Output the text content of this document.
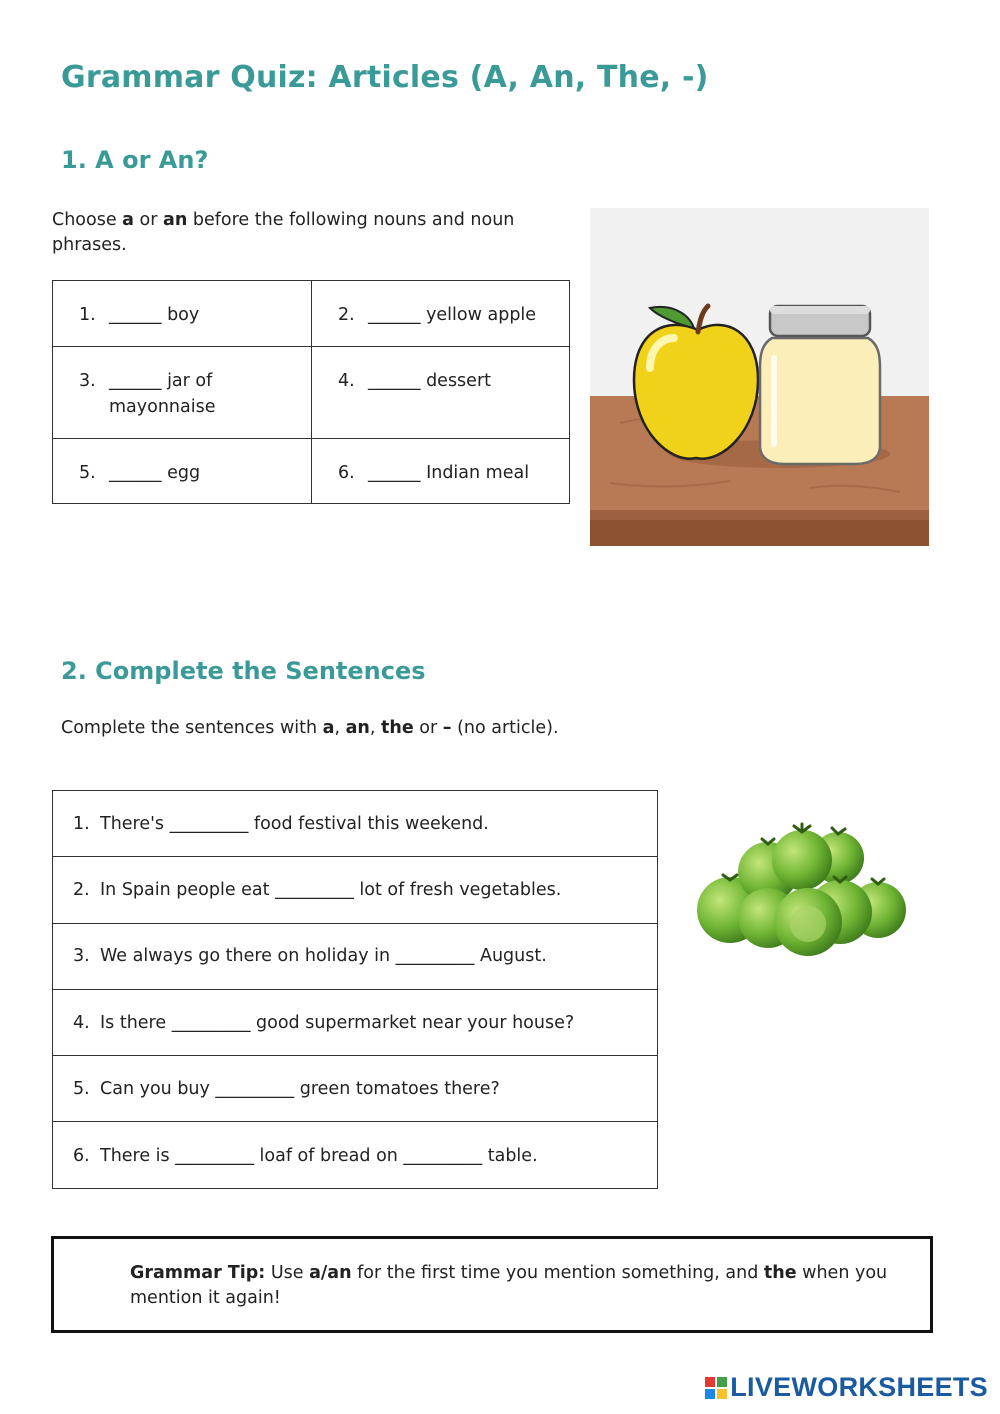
Grammar Quiz: Articles (A, An, The, -)
1. A or An?
Choose a or an before the following nouns and noun phrases.
1. ______ boy	2. ______ yellow apple
3. ______ jar of mayonnaise
4. ______ dessert
5. ______ egg	6. ______ Indian meal
2. Complete the Sentences
Complete the sentences with a, an, the or – (no article).
1. There's _________ food festival this weekend.
2. In Spain people eat _________ lot of fresh vegetables.
3. We always go there on holiday in _________ August.
4. Is there _________ good supermarket near your house?
5. Can you buy _________ green tomatoes there?
6. There is _________ loaf of bread on _________ table.
Grammar Tip: Use a/an for the first time you mention something, and the when you mention it again!
LIVEWORKSHEETS
